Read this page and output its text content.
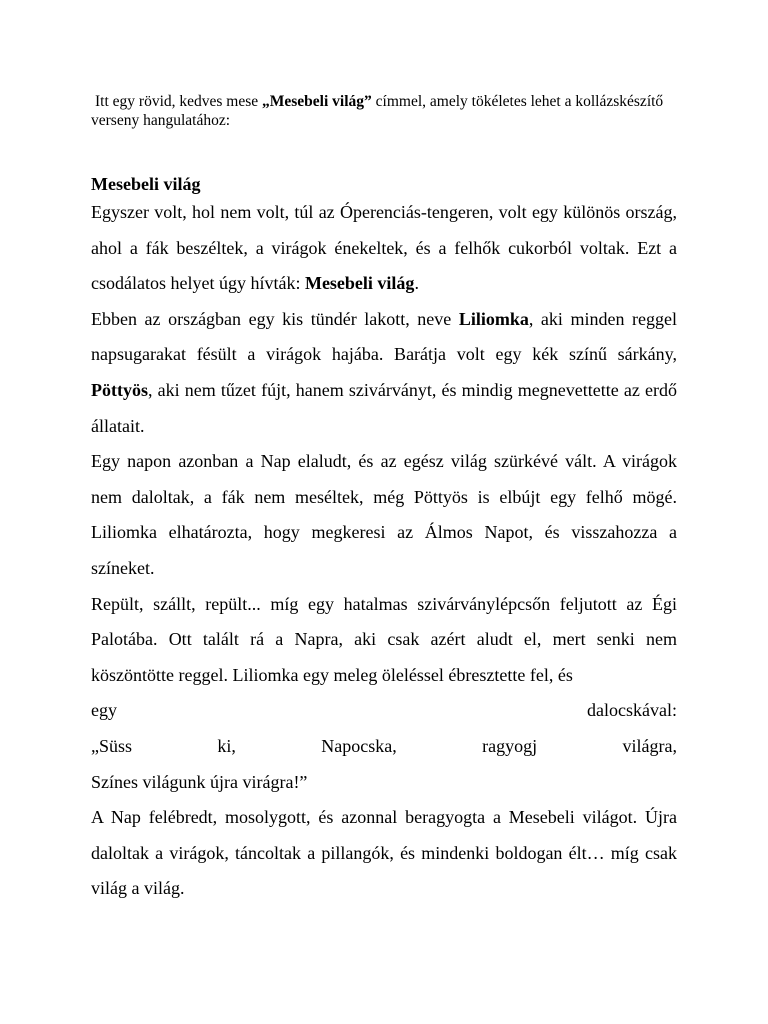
Itt egy rövid, kedves mese „Mesebeli világ” címmel, amely tökéletes lehet a kollázskészítő verseny hangulatához:
Mesebeli világ

Egyszer volt, hol nem volt, túl az Óperenciás-tengeren, volt egy különös ország, ahol a fák beszéltek, a virágok énekeltek, és a felhők cukorból voltak. Ezt a csodálatos helyet úgy hívták: Mesebeli világ.

Ebben az országban egy kis tündér lakott, neve Liliomka, aki minden reggel napsugarakat fésült a virágok hajába. Barátja volt egy kék színű sárkány, Pöttyös, aki nem tűzet fújt, hanem szivárványt, és mindig megnevettette az erdő állatait.

Egy napon azonban a Nap elaludt, és az egész világ szürkévé vált. A virágok nem daloltak, a fák nem meséltek, még Pöttyös is elbújt egy felhő mögé. Liliomka elhatározta, hogy megkeresi az Álmos Napot, és visszahozza a színeket.

Repült, szállt, repült... míg egy hatalmas szivárványlépcsőn feljutott az Égi Palotába. Ott talált rá a Napra, aki csak azért aludt el, mert senki nem köszöntötte reggel. Liliomka egy meleg öleléssel ébresztette fel, és

egy	dalocskával:
„Süss	ki,	Napocska,	ragyogj	világra,
Színes világunk újra virágra!”

A Nap felébredt, mosolygott, és azonnal beragyogta a Mesebeli világot. Újra daloltak a virágok, táncoltak a pillangók, és mindenki boldogan élt… míg csak világ a világ.
